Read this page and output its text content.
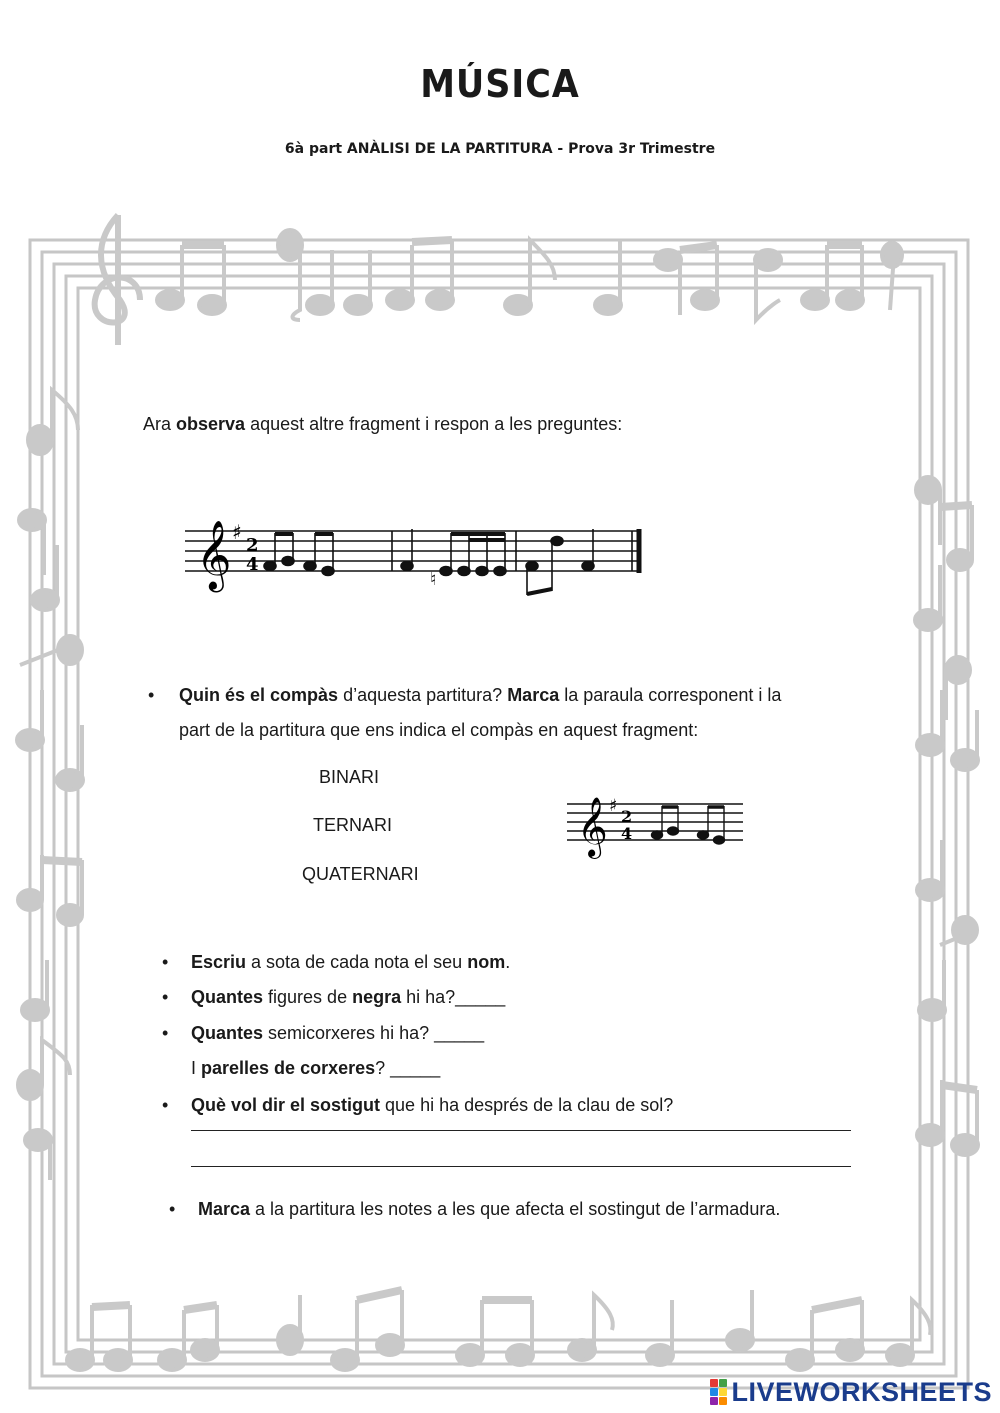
MÚSICA
6à part ANÀLISI DE LA PARTITURA - Prova 3r Trimestre
Ara observa aquest altre fragment i respon a les preguntes:
𝄞 ♯
2
4
♮
• Quin és el compàs d’aquesta partitura? Marca la paraula corresponent i la
part de la partitura que ens indica el compàs en aquest fragment:
BINARI
TERNARI
QUATERNARI
𝄞 ♯
2
4
• Escriu a sota de cada nota el seu nom.
• Quantes figures de negra hi ha?_____
• Quantes semicorxeres hi ha? _____
I parelles de corxeres? _____
• Què vol dir el sostigut que hi ha després de la clau de sol?
• Marca a la partitura les notes a les que afecta el sostingut de l’armadura.
LIVEWORKSHEETS
